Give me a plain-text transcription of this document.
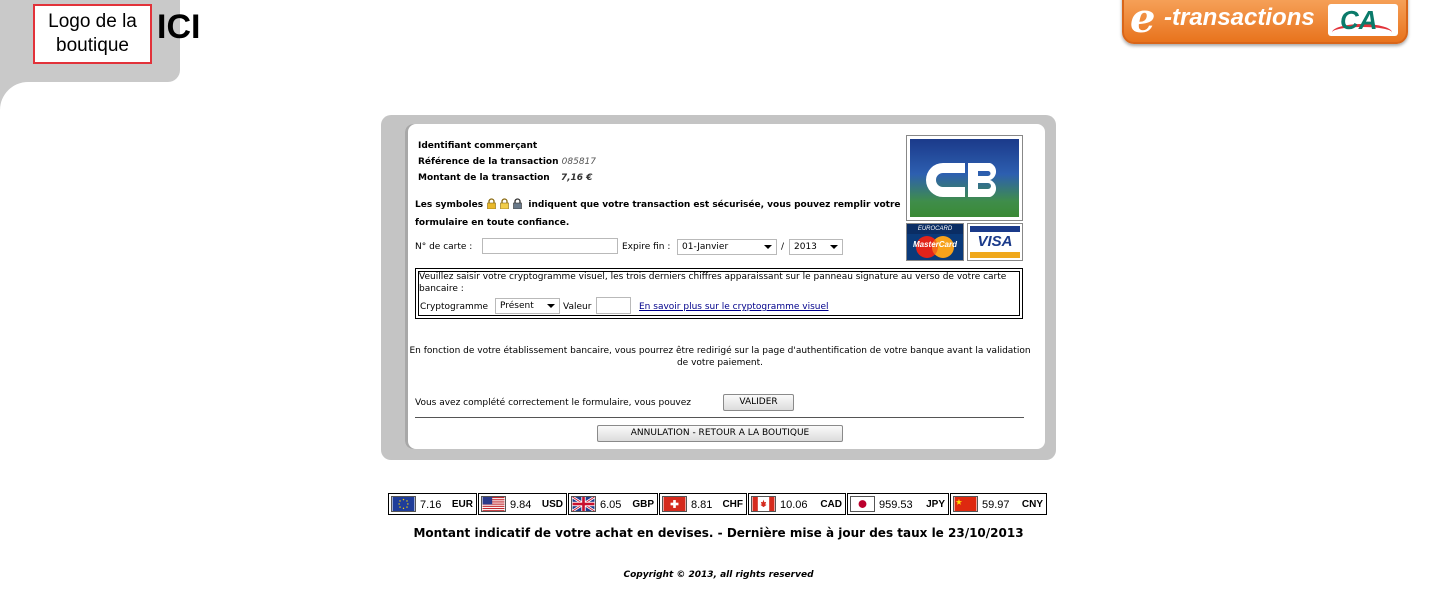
Logo de la
boutique ICI	e -transactions CA
Identifiant commerçant
Référence de la transaction 085817
Montant de la transaction 7,16 €
Les symboles	indiquent que votre transaction est sécurisée, vous pouvez remplir votre formulaire en toute confiance.
N° de carte :	Expire fin :	01-Janvier	/	2013
Veuillez saisir votre cryptogramme visuel, les trois derniers chiffres apparaissant sur le panneau signature au verso de votre carte bancaire :
Cryptogramme	Présent	Valeur	En savoir plus sur le cryptogramme visuel
En fonction de votre établissement bancaire, vous pourrez être redirigé sur la page d'authentification de votre banque avant la validation de votre paiement.
Vous avez complété correctement le formulaire, vous pouvez	VALIDER
ANNULATION - RETOUR A LA BOUTIQUE
EUROCARD
MasterCard	VISA
7.16 EUR	9.84 USD	6.05 GBP	8.81 CHF	10.06 CAD	959.53 JPY	59.97 CNY
Montant indicatif de votre achat en devises. - Dernière mise à jour des taux le 23/10/2013
Copyright © 2013, all rights reserved
